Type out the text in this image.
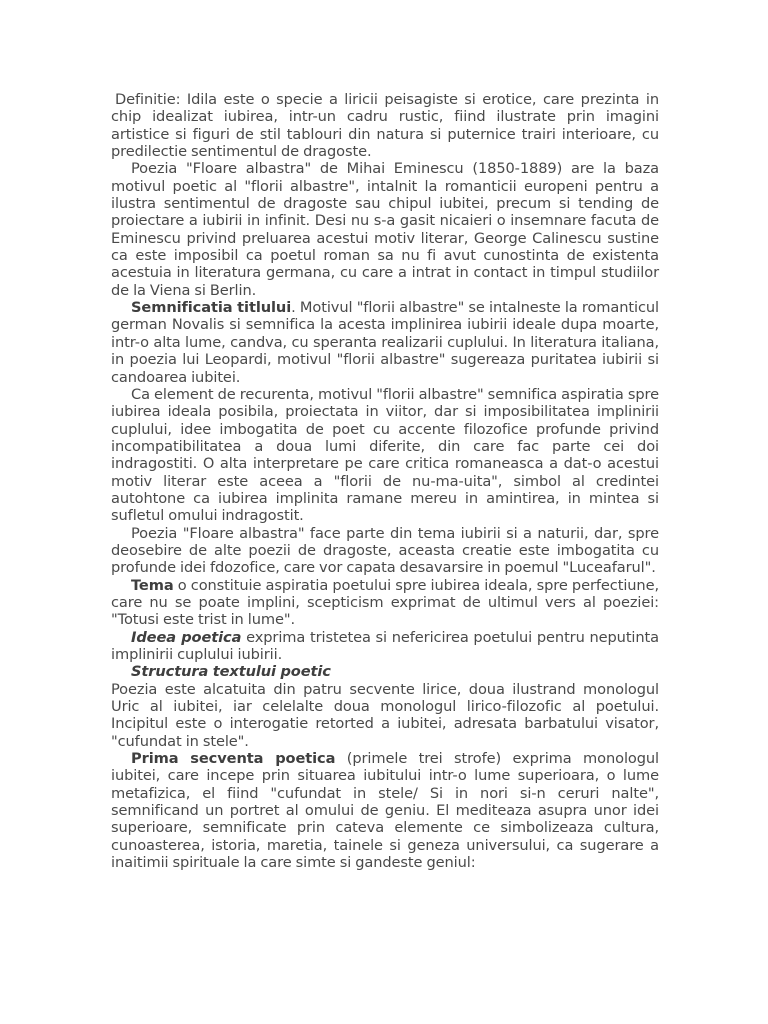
Definitie: Idila este o specie a liricii peisagiste si erotice, care prezinta in chip idealizat iubirea, intr-un cadru rustic, fiind ilustrate prin imagini artistice si figuri de stil tablouri din natura si puternice trairi interioare, cu predilectie sentimentul de dragoste.

Poezia "Floare albastra" de Mihai Eminescu (1850-1889) are la baza motivul poetic al "florii albastre", intalnit la romanticii europeni pentru a ilustra sentimentul de dragoste sau chipul iubitei, precum si tending de proiectare a iubirii in infinit. Desi nu s-a gasit nicaieri o insemnare facuta de Eminescu privind preluarea acestui motiv literar, George Calinescu sustine ca este imposibil ca poetul roman sa nu fi avut cunostinta de existenta acestuia in literatura germana, cu care a intrat in contact in timpul studiilor de la Viena si Berlin.

Semnificatia titlului. Motivul "florii albastre" se intalneste la romanticul german Novalis si semnifica la acesta implinirea iubirii ideale dupa moarte, intr-o alta lume, candva, cu speranta realizarii cuplului. In literatura italiana, in poezia lui Leopardi, motivul "florii albastre" sugereaza puritatea iubirii si candoarea iubitei.

Ca element de recurenta, motivul "florii albastre" semnifica aspiratia spre iubirea ideala posibila, proiectata in viitor, dar si imposibilitatea implinirii cuplului, idee imbogatita de poet cu accente filozofice profunde privind incompatibilitatea a doua lumi diferite, din care fac parte cei doi indragostiti. O alta interpretare pe care critica romaneasca a dat-o acestui motiv literar este aceea a "florii de nu-ma-uita", simbol al credintei autohtone ca iubirea implinita ramane mereu in amintirea, in mintea si sufletul omului indragostit.

Poezia "Floare albastra" face parte din tema iubirii si a naturii, dar, spre deosebire de alte poezii de dragoste, aceasta creatie este imbogatita cu profunde idei fdozofice, care vor capata desavarsire in poemul "Luceafarul".

Tema o constituie aspiratia poetului spre iubirea ideala, spre perfectiune, care nu se poate implini, scepticism exprimat de ultimul vers al poeziei: "Totusi este trist in lume".

Ideea poetica exprima tristetea si nefericirea poetului pentru neputinta implinirii cuplului iubirii.

Structura textului poetic

Poezia este alcatuita din patru secvente lirice, doua ilustrand monologul Uric al iubitei, iar celelalte doua monologul lirico-filozofic al poetului. Incipitul este o interogatie retorted a iubitei, adresata barbatului visator, "cufundat in stele".

Prima secventa poetica (primele trei strofe) exprima monologul iubitei, care incepe prin situarea iubitului intr-o lume superioara, o lume metafizica, el fiind "cufundat in stele/ Si in nori si-n ceruri nalte", semnificand un portret al omului de geniu. El mediteaza asupra unor idei superioare, semnificate prin cateva elemente ce simbolizeaza cultura, cunoasterea, istoria, maretia, tainele si geneza universului, ca sugerare a inaitimii spirituale la care simte si gandeste geniul:
